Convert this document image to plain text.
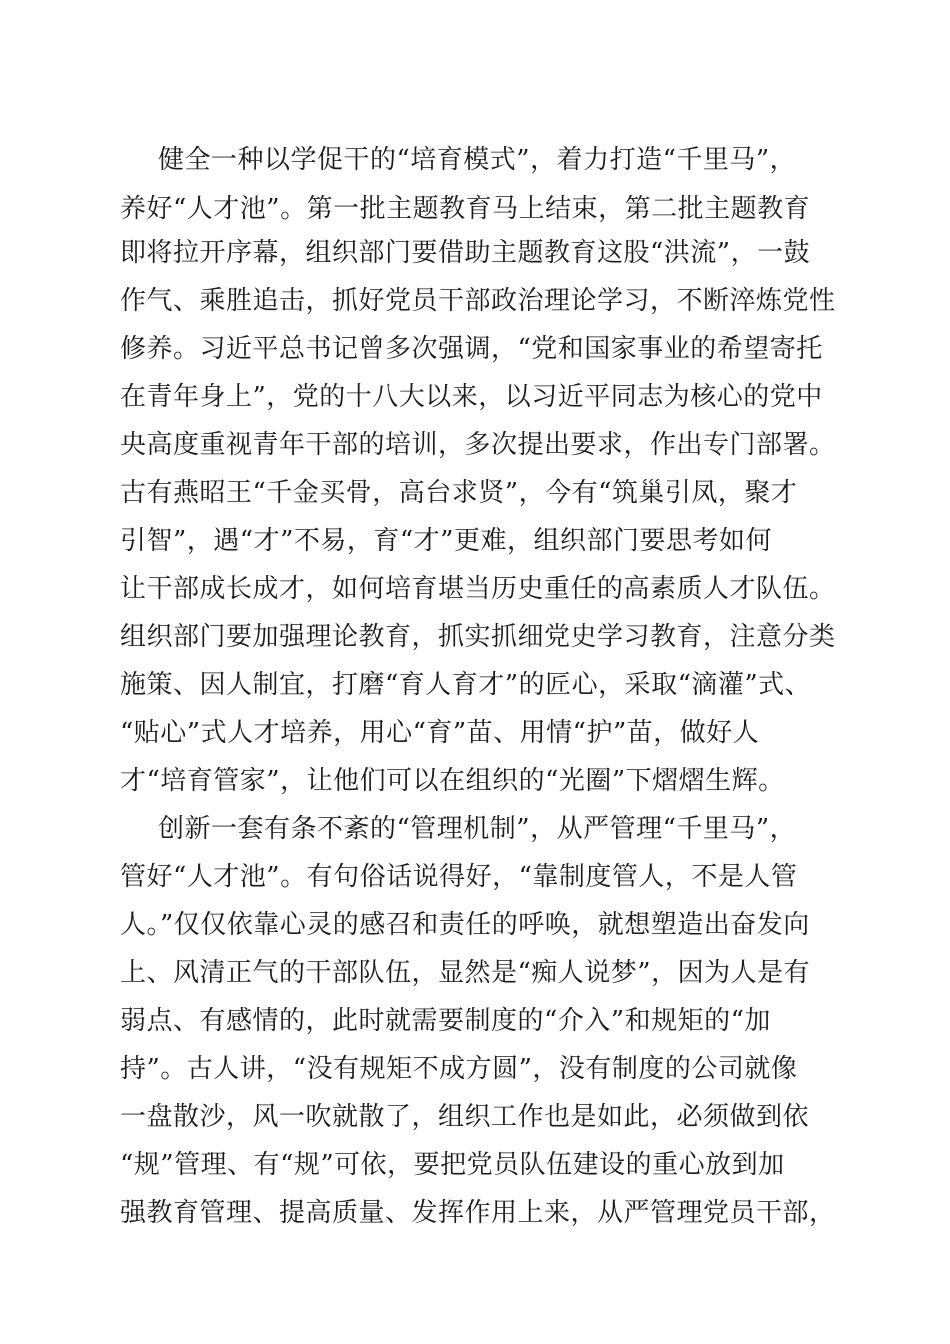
健全一种以学促干的“培育模式”，着力打造“千里马”，
养好“人才池”。第一批主题教育马上结束，第二批主题教育
即将拉开序幕，组织部门要借助主题教育这股“洪流”，一鼓
作气、乘胜追击，抓好党员干部政治理论学习，不断淬炼党性
修养。习近平总书记曾多次强调，“党和国家事业的希望寄托
在青年身上”，党的十八大以来，以习近平同志为核心的党中
央高度重视青年干部的培训，多次提出要求，作出专门部署。
古有燕昭王“千金买骨，高台求贤”，今有“筑巢引凤，聚才
引智”，遇“才”不易，育“才”更难，组织部门要思考如何
让干部成长成才，如何培育堪当历史重任的高素质人才队伍。
组织部门要加强理论教育，抓实抓细党史学习教育，注意分类
施策、因人制宜，打磨“育人育才”的匠心，采取“滴灌”式、
“贴心”式人才培养，用心“育”苗、用情“护”苗，做好人
才“培育管家”，让他们可以在组织的“光圈”下熠熠生辉。
创新一套有条不紊的“管理机制”，从严管理“千里马”，
管好“人才池”。有句俗话说得好，“靠制度管人，不是人管
人。”仅仅依靠心灵的感召和责任的呼唤，就想塑造出奋发向
上、风清正气的干部队伍，显然是“痴人说梦”，因为人是有
弱点、有感情的，此时就需要制度的“介入”和规矩的“加
持”。古人讲，“没有规矩不成方圆”，没有制度的公司就像
一盘散沙，风一吹就散了，组织工作也是如此，必须做到依
“规”管理、有“规”可依，要把党员队伍建设的重心放到加
强教育管理、提高质量、发挥作用上来，从严管理党员干部，
